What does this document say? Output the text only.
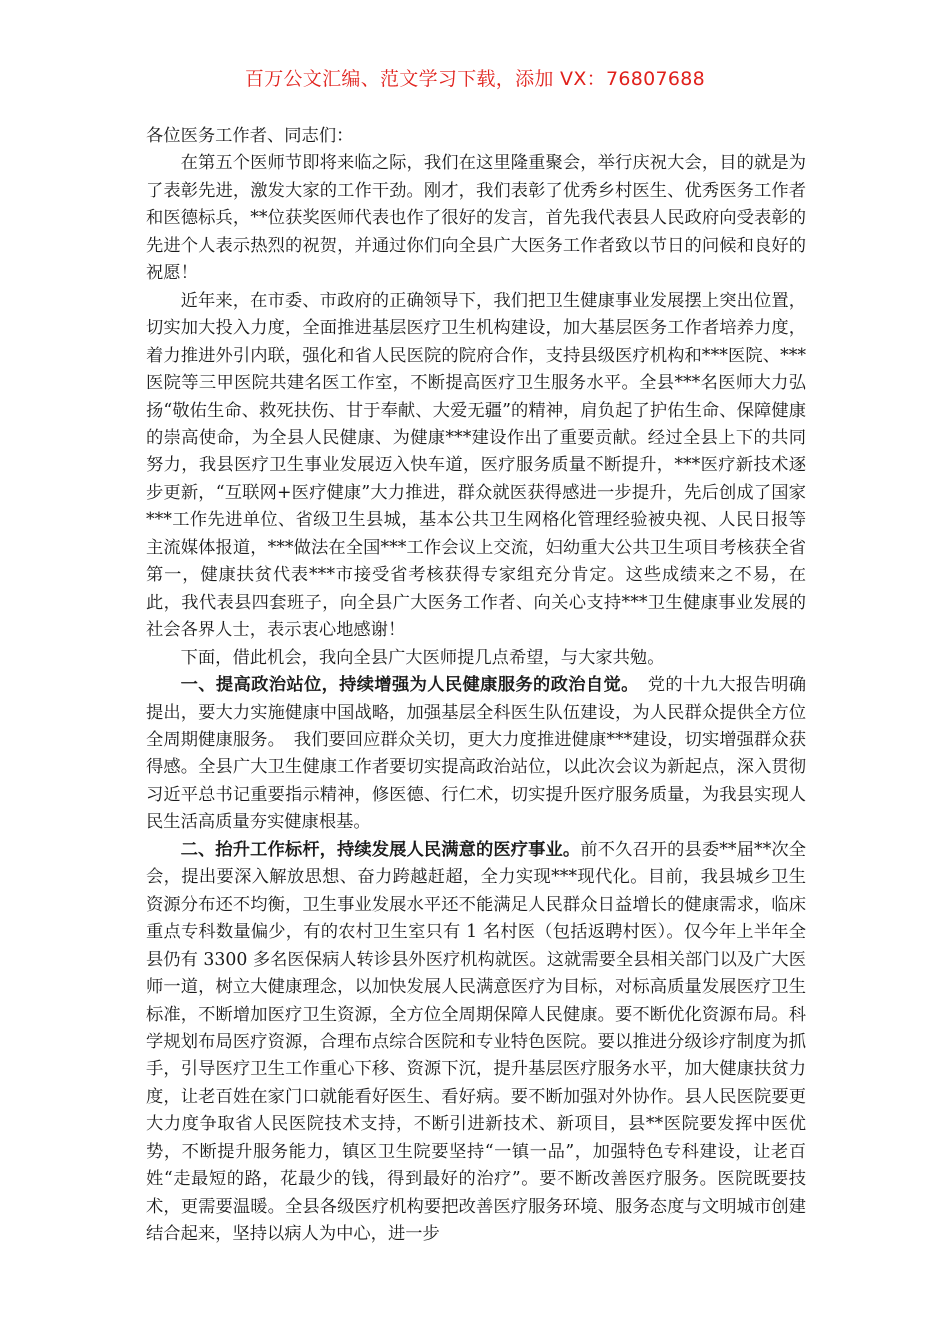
百万公文汇编、范文学习下载，添加 VX：76807688

各位医务工作者、同志们：

在第五个医师节即将来临之际，我们在这里隆重聚会，举行庆祝大会，目的就是为了表彰先进，激发大家的工作干劲。刚才，我们表彰了优秀乡村医生、优秀医务工作者和医德标兵，**位获奖医师代表也作了很好的发言，首先我代表县人民政府向受表彰的先进个人表示热烈的祝贺，并通过你们向全县广大医务工作者致以节日的问候和良好的祝愿！

近年来，在市委、市政府的正确领导下，我们把卫生健康事业发展摆上突出位置，切实加大投入力度，全面推进基层医疗卫生机构建设，加大基层医务工作者培养力度，着力推进外引内联，强化和省人民医院的院府合作，支持县级医疗机构和***医院、***医院等三甲医院共建名医工作室，不断提高医疗卫生服务水平。全县***名医师大力弘扬“敬佑生命、救死扶伤、甘于奉献、大爱无疆”的精神，肩负起了护佑生命、保障健康的崇高使命，为全县人民健康、为健康***建设作出了重要贡献。经过全县上下的共同努力，我县医疗卫生事业发展迈入快车道，医疗服务质量不断提升，***医疗新技术逐步更新，“互联网+医疗健康”大力推进，群众就医获得感进一步提升，先后创成了国家***工作先进单位、省级卫生县城，基本公共卫生网格化管理经验被央视、人民日报等主流媒体报道，***做法在全国***工作会议上交流，妇幼重大公共卫生项目考核获全省第一，健康扶贫代表***市接受省考核获得专家组充分肯定。这些成绩来之不易，在此，我代表县四套班子，向全县广大医务工作者、向关心支持***卫生健康事业发展的社会各界人士，表示衷心地感谢！

下面，借此机会，我向全县广大医师提几点希望，与大家共勉。

一、提高政治站位，持续增强为人民健康服务的政治自觉。　党的十九大报告明确提出，要大力实施健康中国战略，加强基层全科医生队伍建设，为人民群众提供全方位全周期健康服务。　我们要回应群众关切，更大力度推进健康***建设，切实增强群众获得感。全县广大卫生健康工作者要切实提高政治站位，以此次会议为新起点，深入贯彻习近平总书记重要指示精神，修医德、行仁术，切实提升医疗服务质量，为我县实现人民生活高质量夯实健康根基。

二、抬升工作标杆，持续发展人民满意的医疗事业。前不久召开的县委**届**次全会，提出要深入解放思想、奋力跨越赶超，全力实现***现代化。目前，我县城乡卫生资源分布还不均衡，卫生事业发展水平还不能满足人民群众日益增长的健康需求，临床重点专科数量偏少，有的农村卫生室只有 1 名村医（包括返聘村医）。仅今年上半年全县仍有 3300 多名医保病人转诊县外医疗机构就医。这就需要全县相关部门以及广大医师一道，树立大健康理念，以加快发展人民满意医疗为目标，对标高质量发展医疗卫生标准，不断增加医疗卫生资源，全方位全周期保障人民健康。要不断优化资源布局。科学规划布局医疗资源，合理布点综合医院和专业特色医院。要以推进分级诊疗制度为抓手，引导医疗卫生工作重心下移、资源下沉，提升基层医疗服务水平，加大健康扶贫力度，让老百姓在家门口就能看好医生、看好病。要不断加强对外协作。县人民医院要更大力度争取省人民医院技术支持，不断引进新技术、新项目，县**医院要发挥中医优势，不断提升服务能力，镇区卫生院要坚持“一镇一品”，加强特色专科建设，让老百姓“走最短的路，花最少的钱，得到最好的治疗”。要不断改善医疗服务。医院既要技术，更需要温暖。全县各级医疗机构要把改善医疗服务环境、服务态度与文明城市创建结合起来，坚持以病人为中心，进一步
